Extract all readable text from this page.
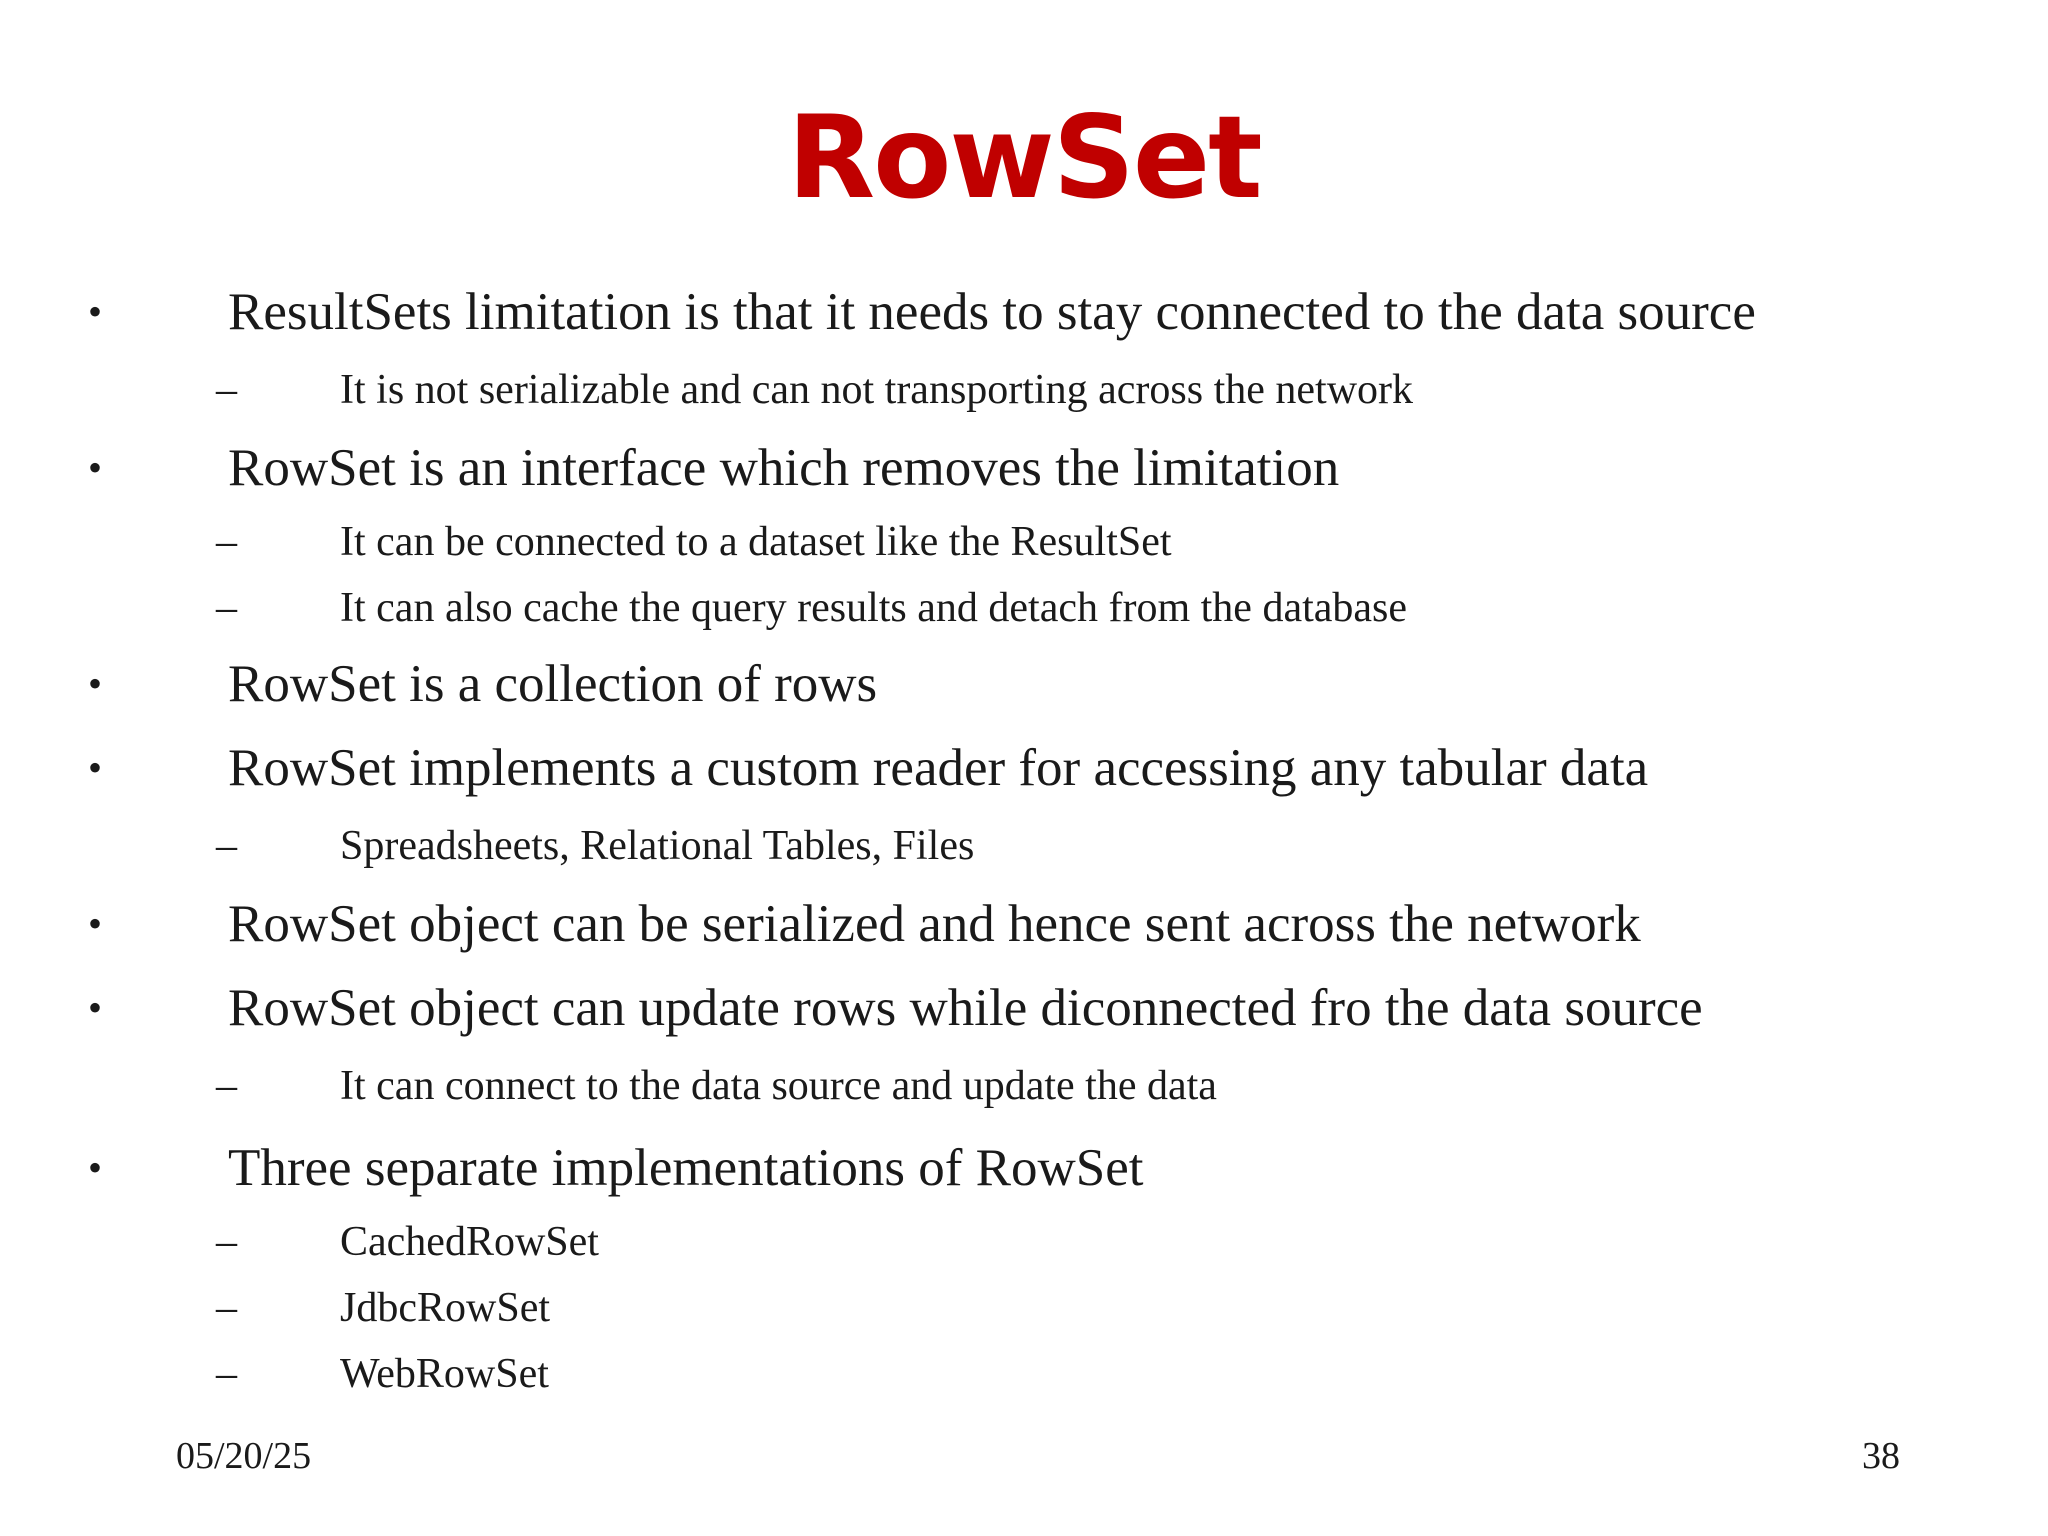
RowSet
• ResultSets limitation is that it needs to stay connected to the data source
– It is not serializable and can not transporting across the network
• RowSet is an interface which removes the limitation
– It can be connected to a dataset like the ResultSet
– It can also cache the query results and detach from the database
• RowSet is a collection of rows
• RowSet implements a custom reader for accessing any tabular data
– Spreadsheets, Relational Tables, Files
• RowSet object can be serialized and hence sent across the network
• RowSet object can update rows while diconnected fro the data source
– It can connect to the data source and update the data
• Three separate implementations of RowSet
– CachedRowSet
– JdbcRowSet
– WebRowSet
05/20/25	38
